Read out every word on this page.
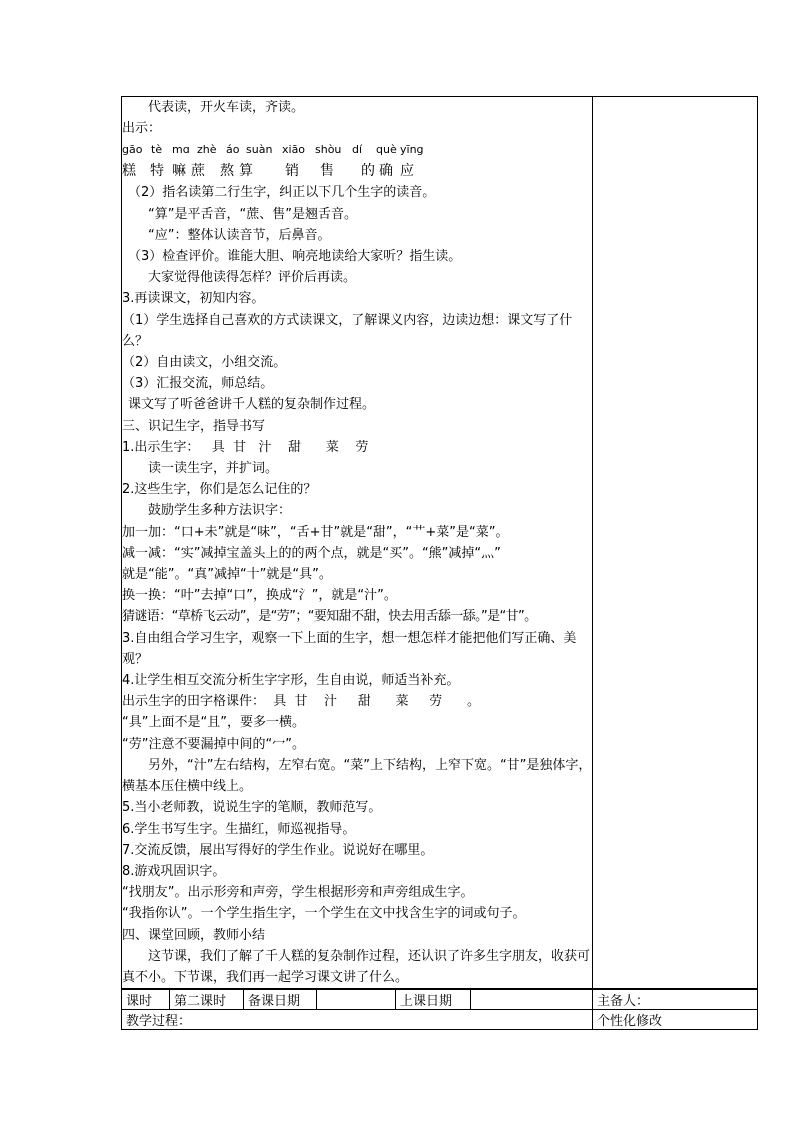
代表读，开火车读，齐读。
出示：
gāo tè mɑ zhè áo suàn xiāo shòu dí què yīng
糕 特 嘛 蔗 熬 算 销 售 的 确 应
（2）指名读第二行生字，纠正以下几个生字的读音。
“算”是平舌音，“蔗、售”是翘舌音。
“应”：整体认读音节，后鼻音。
（3）检查评价。谁能大胆、响亮地读给大家听？指生读。
大家觉得他读得怎样？评价后再读。
3.再读课文，初知内容。
（1）学生选择自己喜欢的方式读课文，了解课义内容，边读边想：课文写了什么？
（2）自由读文，小组交流。
（3）汇报交流，师总结。
课文写了听爸爸讲千人糕的复杂制作过程。
三、识记生字，指导书写
1.出示生字：   具  甘   汁    甜      菜    劳
读一读生字，并扩词。
2.这些生字，你们是怎么记住的？
鼓励学生多种方法识字：
加一加：“口+未”就是“味”，“舌+甘”就是“甜”，“艹+菜”是“菜”。
减一减：“实”减掉宝盖头上的的两个点，就是“买”。“熊”减掉“灬”
就是“能”。“真”减掉“十”就是“具”。
换一换：“叶”去掉“口”，换成“氵”，就是“汁”。
猜谜语：“草桥飞云动”，是“劳”；“要知甜不甜，快去用舌舔一舔。”是“甘”。
3.自由组合学习生字，观察一下上面的生字，想一想怎样才能把他们写正确、美观？
4.让学生相互交流分析生字字形，生自由说，师适当补充。
出示生字的田字格课件：  具  甘    汁     甜      菜     劳      。
“具”上面不是“且”，要多一横。
“劳”注意不要漏掉中间的“冖”。
另外，“汁”左右结构，左窄右宽。“菜”上下结构，上窄下宽。“甘”是独体字，横基本压住横中线上。
5.当小老师教，说说生字的笔顺，教师范写。
6.学生书写生字。生描红，师巡视指导。
7.交流反馈，展出写得好的学生作业。说说好在哪里。
8.游戏巩固识字。
“找朋友”。出示形旁和声旁，学生根据形旁和声旁组成生字。
“我指你认”。一个学生指生字，一个学生在文中找含生字的词或句子。
四、课堂回顾，教师小结
这节课，我们了解了千人糕的复杂制作过程，还认识了许多生字朋友，收获可真不小。下节课，我们再一起学习课文讲了什么。

课时	第二课时	备课日期		上课日期		主备人：
教学过程：						个性化修改
